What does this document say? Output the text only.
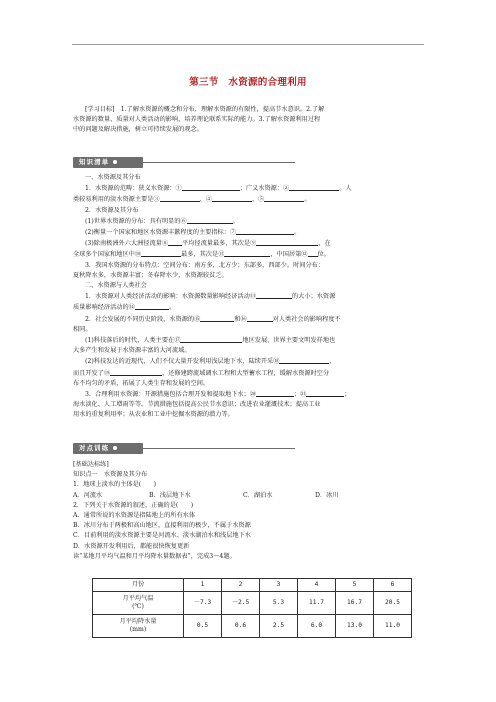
第三节　水资源的合理利用

[学习目标]　1.了解水资源的概念和分布，理解水资源的有限性，提高节水意识。2.了解

水资源的数量、质量对人类活动的影响，培养理论联系实际的能力。3.了解水资源利用过程

中的问题及解决措施，树立可持续发展的观念。

知识清单

一、水资源及其分布

1．水资源的范畴：狭义水资源：①	；广义水资源：②	。人

类较易利用的淡水资源主要是③	、④	、⑤	。

2．水资源及其分布

(1)世界水资源的分布：具有明显的⑥	。

(2)衡量一个国家和地区水资源丰歉程度的主要指标：⑦	。

(3)除南极洲外六大洲径流量⑧ 平均径流量最多，其次是⑨	，在

全球多个国家和地区中⑩	最多，其次是⑪	，中国居第⑫ 位。

3．我国水资源的分布特点：空间分布：南方多，北方少；东部多，西部少。时间分布：

夏秋降水多，水资源丰富；冬春降水少，水资源较贫乏。

二、水资源与人类社会

1．水资源对人类经济活动的影响：水资源数量影响经济活动⑬	的大小；水资源

质量影响经济活动的⑭	。

2．社会发展的不同历史阶段，水资源的⑮	和⑯	对人类社会的影响程度不

相同。

(1)科技落后的时代，人类主要在⑰	地区发展，世界主要文明发祥地也

大多产生和发展于水资源丰富的大河流域。

(2)科技发达的近现代，人们不仅大量开发利用浅层地下水，陆续开采⑱	，

而且开发了⑲	，还修建跨流域调水工程和大型蓄水工程，缓解水资源时空分

布不均匀的矛盾，拓展了人类生存和发展的空间。

3．合理利用水资源：开源措施包括合理开发和提取地下水；⑳	；㉑	；

海水淡化、人工增雨等等。节流措施包括提高公民节水意识；改进农业灌溉技术；提高工业

用水的重复利用率；从农业和工业中挖掘水资源的潜力等。

对点训练

[基础达标练]

知识点一　水资源及其分布

1．地球上淡水的主体是(　　)

A．河流水	B．浅层地下水	C．湖泊水	D．冰川

2．下列关于水资源的叙述，正确的是(　　)

A．通常所说的水资源是指陆地上的所有水体

B．冰川分布于两极和高山地区，直接利用的极少，不属于水资源

C．目前利用的淡水资源主要是河流水、淡水湖泊水和浅层地下水

D．水资源开发利用后，都能很快恢复更新

读“某地月平均气温和月平均降水量数据表”，完成3～4题。

月份	1	2	3	4	5	6
月平均气温
(℃)	－7.3	－2.5	5.3	11.7	16.7	20.5
月平均降水量
(mm)	0.5	0.6	2.5	6.0	13.0	11.0
